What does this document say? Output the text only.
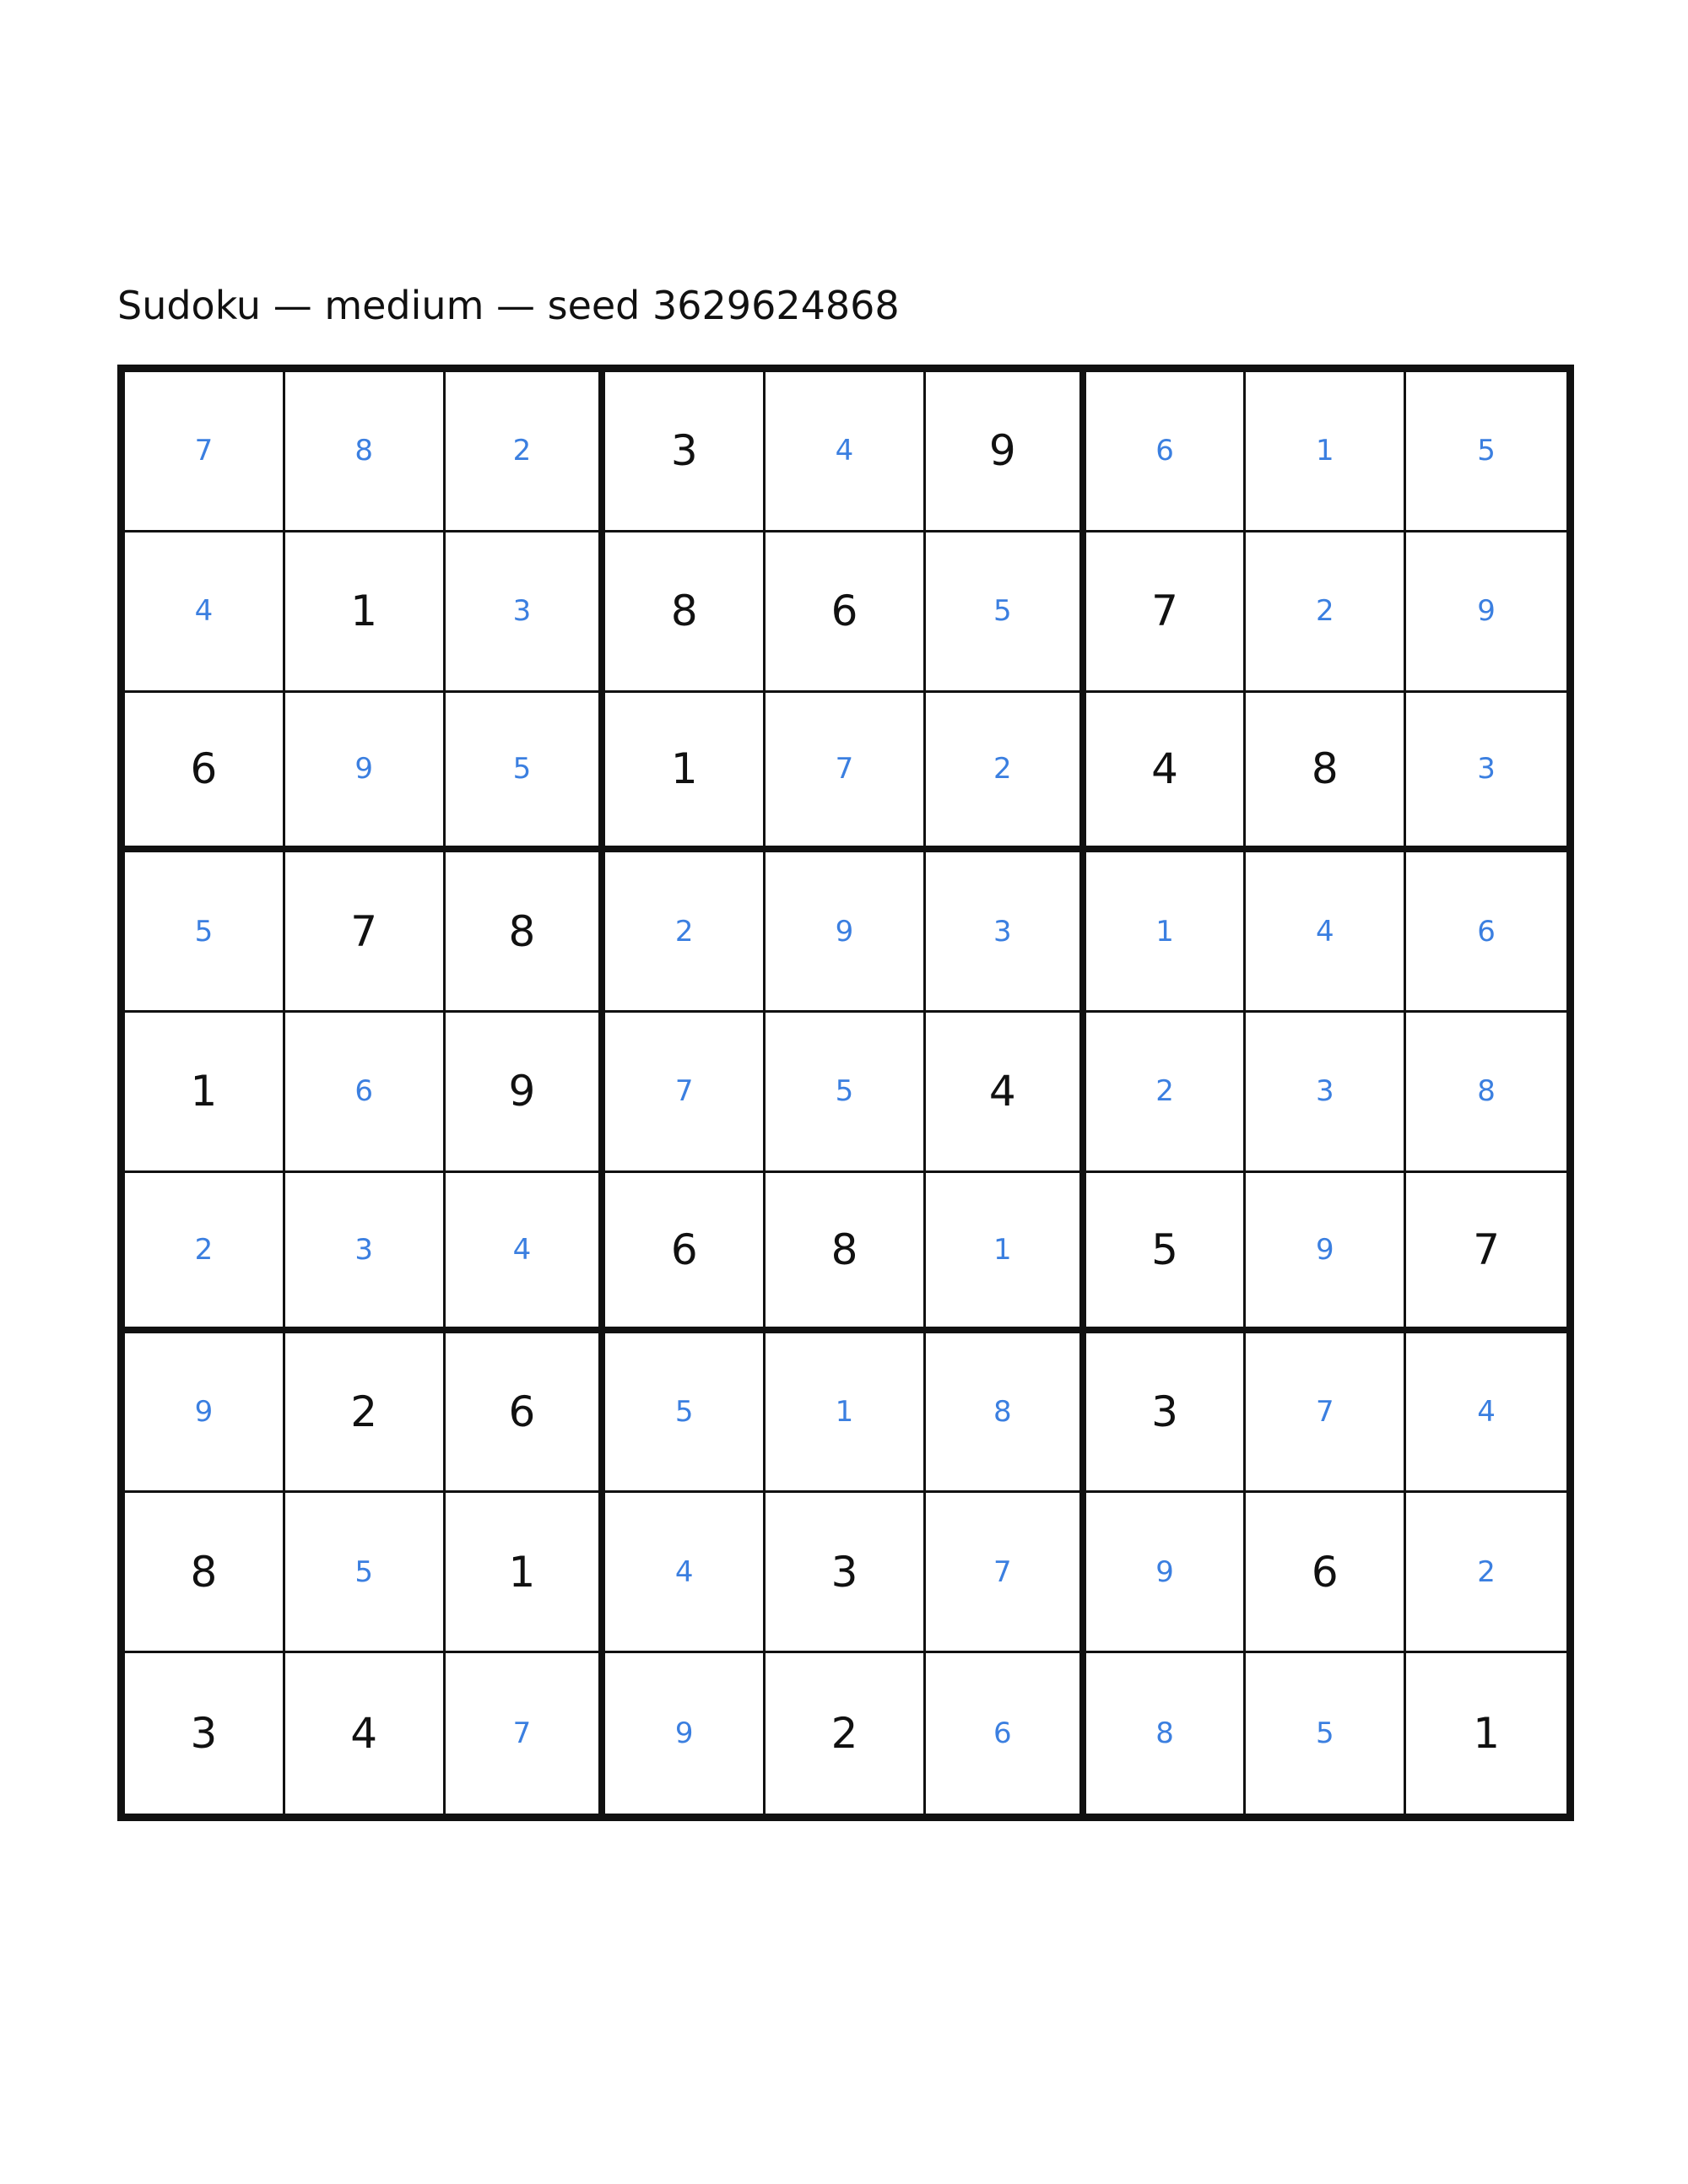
Sudoku — medium — seed 3629624868
7	8	2	3	4	9	6	1	5
4	1	3	8	6	5	7	2	9
6	9	5	1	7	2	4	8	3
5	7	8	2	9	3	1	4	6
1	6	9	7	5	4	2	3	8
2	3	4	6	8	1	5	9	7
9	2	6	5	1	8	3	7	4
8	5	1	4	3	7	9	6	2
3	4	7	9	2	6	8	5	1
